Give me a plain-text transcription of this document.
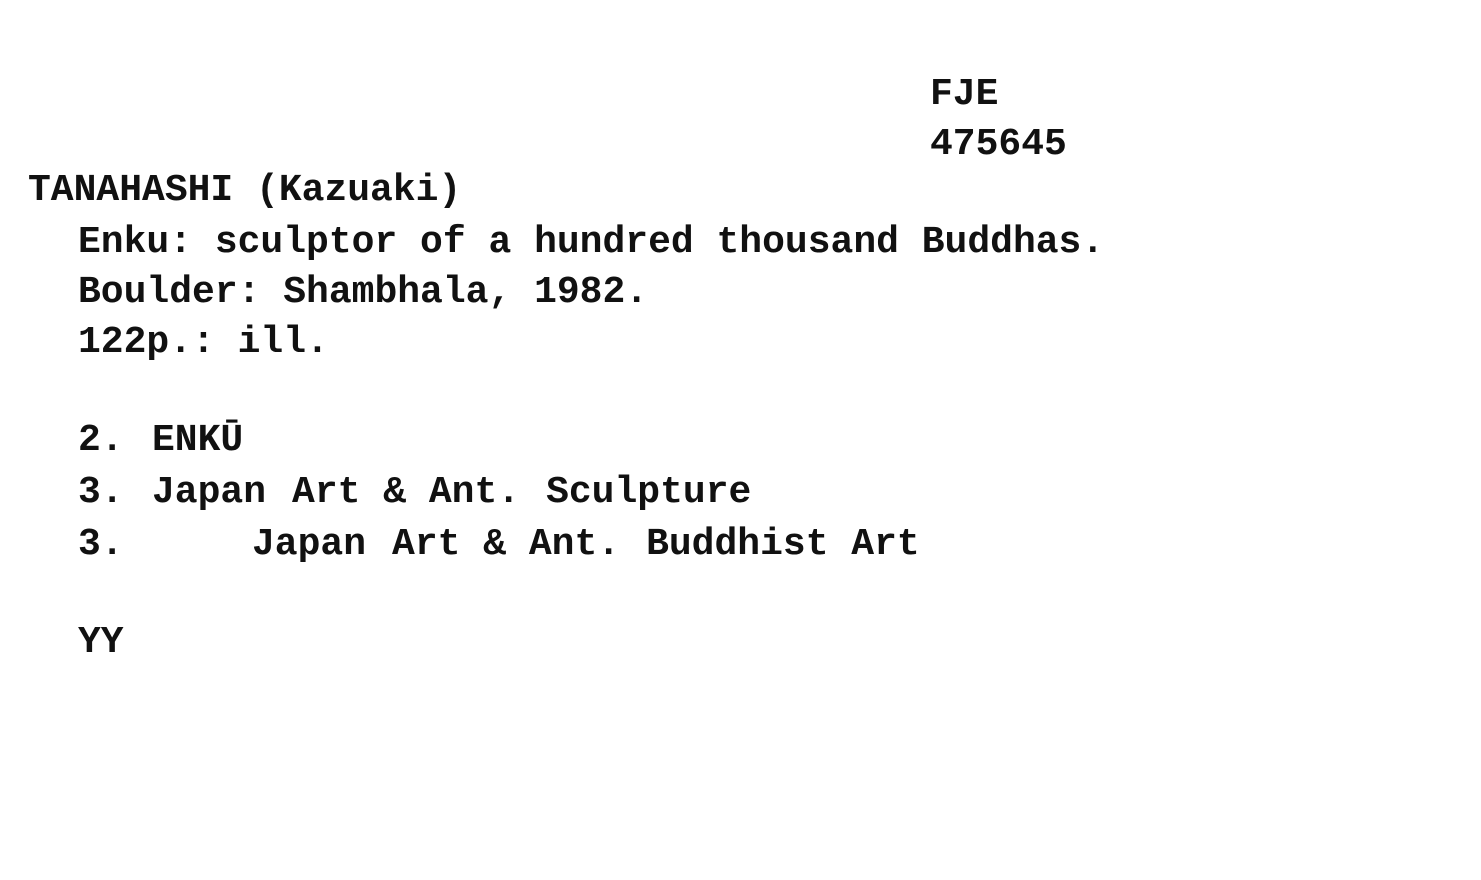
FJE
475645
TANAHASHI (Kazuaki)
Enku: sculptor of a hundred thousand Buddhas.
Boulder: Shambhala, 1982.
122p.: ill.
2. ENKŪ
3. Japan Art & Ant. Sculpture
3.	Japan Art & Ant. Buddhist Art
YY
